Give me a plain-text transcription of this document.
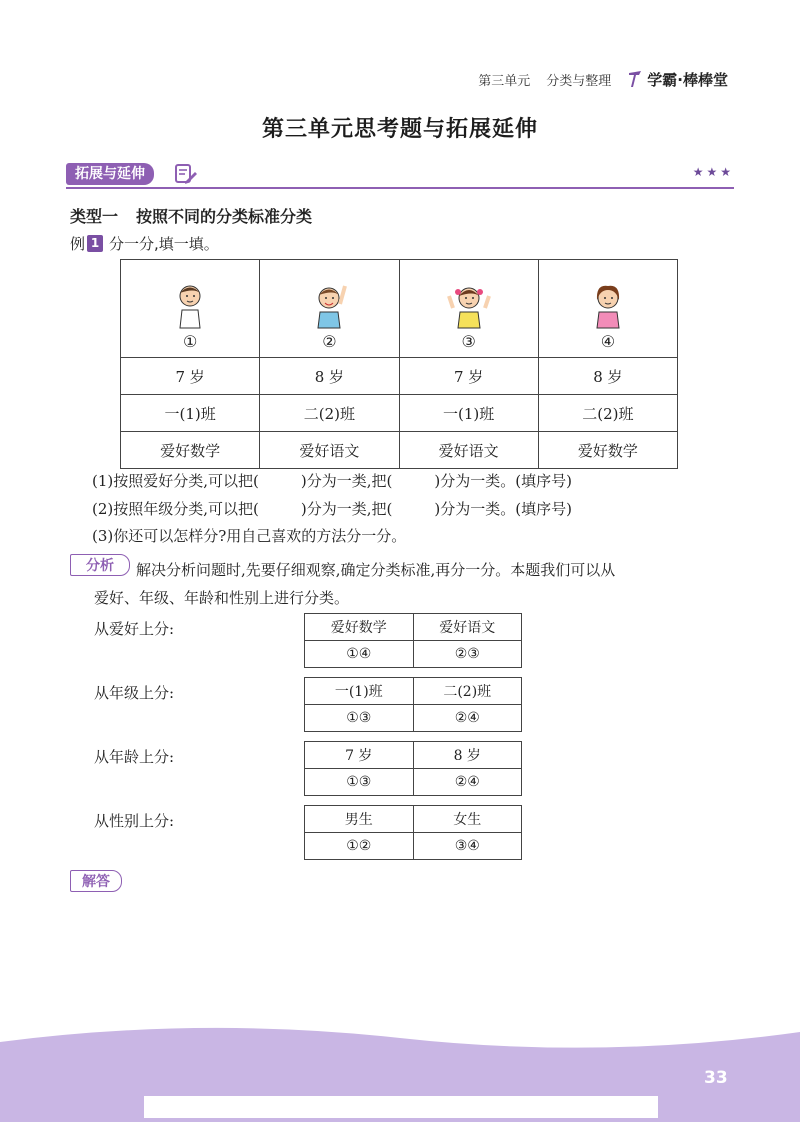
第三单元 分类与整理 学霸·棒棒堂
第三单元思考题与拓展延伸
拓展与延伸	★★★
类型一 按照不同的分类标准分类
例 1 分一分,填一填。
①	②	③	④

7 岁	8 岁	7 岁	8 岁
一(1)班	二(2)班	一(1)班	二(2)班
爱好数学	爱好语文	爱好语文	爱好数学
(1)按照爱好分类,可以把(	)分为一类,把(	)分为一类。(填序号)
(2)按照年级分类,可以把(	)分为一类,把(	)分为一类。(填序号)
(3)你还可以怎样分?用自己喜欢的方法分一分。
分析	解决分析问题时,先要仔细观察,确定分类标准,再分一分。本题我们可以从
爱好、年级、年龄和性别上进行分类。
从爱好上分:	爱好数学	爱好语文
①④	②③
从年级上分:	一(1)班	二(2)班
①③	②④
从年龄上分:	7 岁	8 岁
①③	②④
从性别上分:	男生	女生
①②	③④
解答
33
